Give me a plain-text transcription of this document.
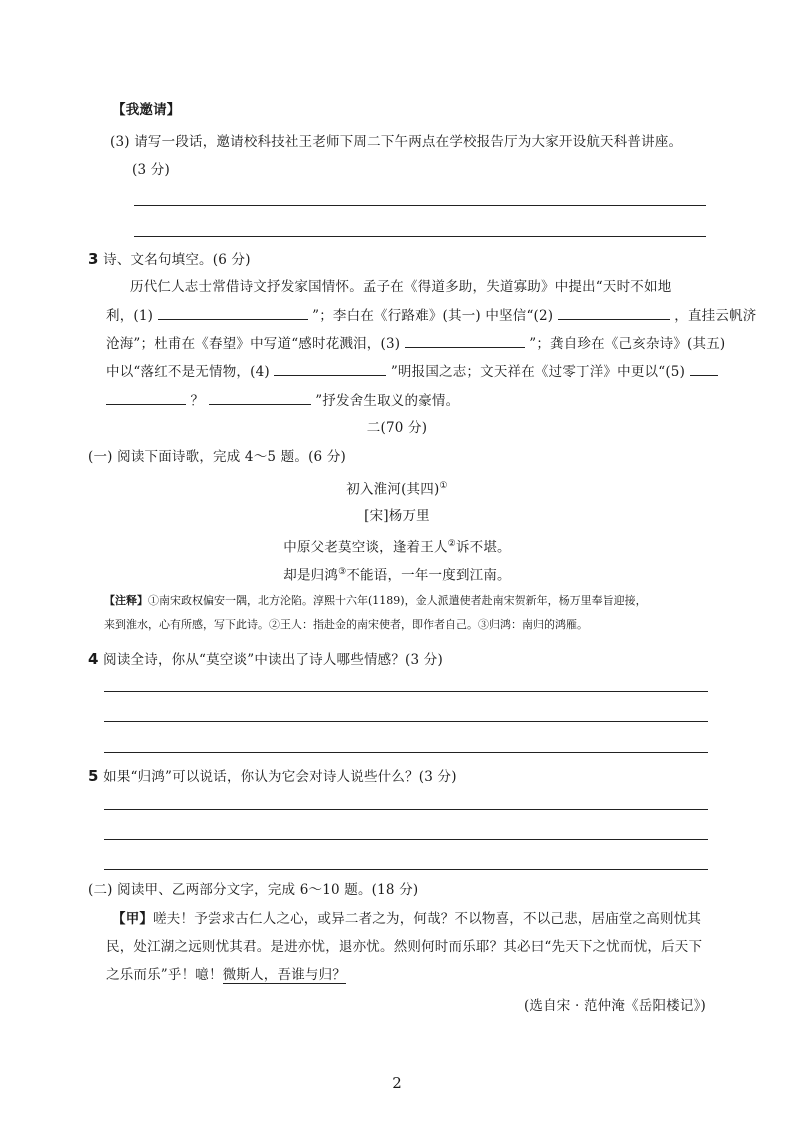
【我邀请】
(3) 请写一段话，邀请校科技社王老师下周二下午两点在学校报告厅为大家开设航天科普讲座。
(3 分)
3 诗、文名句填空。(6 分)
历代仁人志士常借诗文抒发家国情怀。孟子在《得道多助，失道寡助》中提出“天时不如地
利，(1)	”；李白在《行路难》(其一) 中坚信“(2)	，直挂云帆济
沧海”；杜甫在《春望》中写道“感时花溅泪，(3)	”；龚自珍在《己亥杂诗》(其五)
中以“落红不是无情物，(4)	”明报国之志；文天祥在《过零丁洋》中更以“(5)
？	”抒发舍生取义的豪情。
二(70 分)
(一) 阅读下面诗歌，完成 4～5 题。(6 分)
初入淮河(其四)①
[宋]杨万里
中原父老莫空谈，逢着王人②诉不堪。
却是归鸿③不能语，一年一度到江南。
【注释】①南宋政权偏安一隅，北方沦陷。淳熙十六年(1189)，金人派遣使者赴南宋贺新年，杨万里奉旨迎接，
来到淮水，心有所感，写下此诗。②王人：指赴金的南宋使者，即作者自己。③归鸿：南归的鸿雁。
4 阅读全诗，你从“莫空谈”中读出了诗人哪些情感？(3 分)
5 如果“归鸿”可以说话，你认为它会对诗人说些什么？(3 分)
(二) 阅读甲、乙两部分文字，完成 6～10 题。(18 分)
【甲】嗟夫！予尝求古仁人之心，或异二者之为，何哉？不以物喜，不以己悲，居庙堂之高则忧其
民，处江湖之远则忧其君。是进亦忧，退亦忧。然则何时而乐耶？其必曰“先天下之忧而忧，后天下
之乐而乐”乎！噫！微斯人，吾谁与归？
(选自宋 · 范仲淹《岳阳楼记》)
2
